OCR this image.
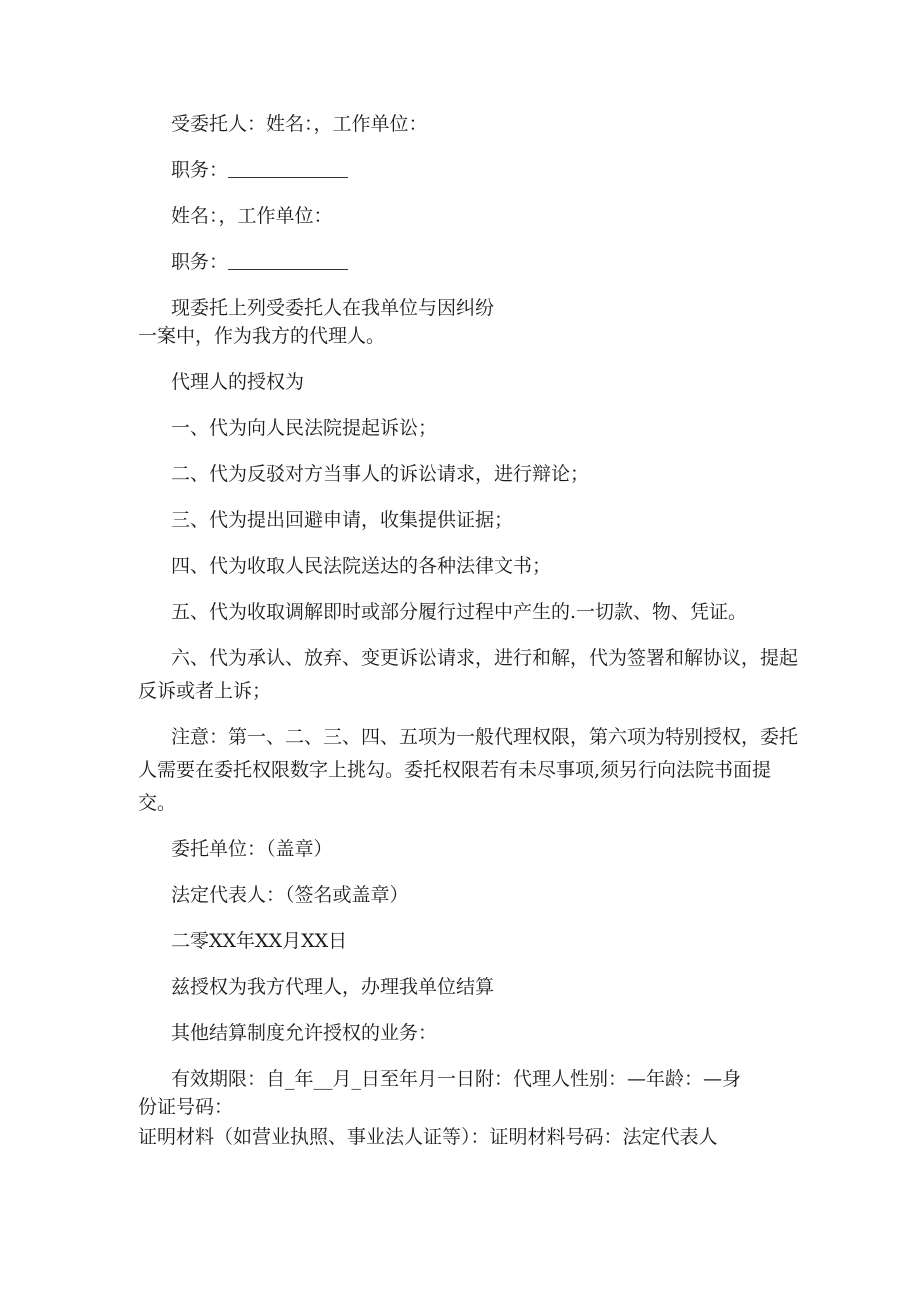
受委托人：姓名：，工作单位：

职务：

姓名：，工作单位：

职务：

现委托上列受委托人在我单位与因纠纷

一案中，作为我方的代理人。

代理人的授权为

一、代为向人民法院提起诉讼；

二、代为反驳对方当事人的诉讼请求，进行辩论；

三、代为提出回避申请，收集提供证据；

四、代为收取人民法院送达的各种法律文书；

五、代为收取调解即时或部分履行过程中产生的.一切款、物、凭证。

六、代为承认、放弃、变更诉讼请求，进行和解，代为签署和解协议，提起反诉或者上诉；

注意：第一、二、三、四、五项为一般代理权限，第六项为特别授权，委托人需要在委托权限数字上挑勾。委托权限若有未尽事项,须另行向法院书面提交。

委托单位：（盖章）

法定代表人：（签名或盖章）

二零XX年XX月XX日

兹授权为我方代理人，办理我单位结算

其他结算制度允许授权的业务：

有效期限：自_年__月_日至年月一日附：代理人性别：—年龄：—身

份证号码：

证明材料（如营业执照、事业法人证等）：证明材料号码：法定代表人
